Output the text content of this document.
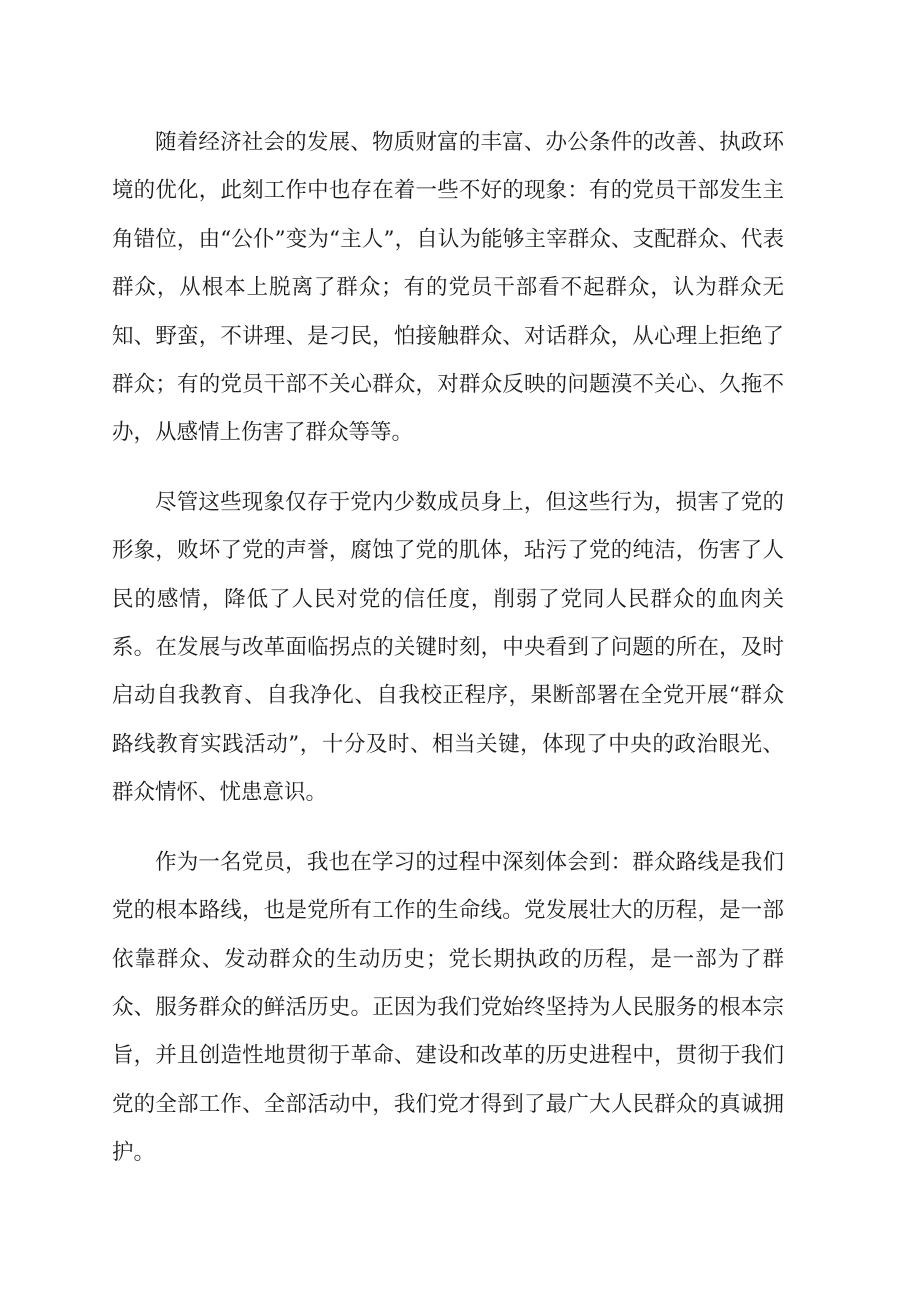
随着经济社会的发展、物质财富的丰富、办公条件的改善、执政环境的优化，此刻工作中也存在着一些不好的现象：有的党员干部发生主角错位，由“公仆”变为“主人”，自认为能够主宰群众、支配群众、代表群众，从根本上脱离了群众；有的党员干部看不起群众，认为群众无知、野蛮，不讲理、是刁民，怕接触群众、对话群众，从心理上拒绝了群众；有的党员干部不关心群众，对群众反映的问题漠不关心、久拖不办，从感情上伤害了群众等等。

尽管这些现象仅存于党内少数成员身上，但这些行为，损害了党的形象，败坏了党的声誉，腐蚀了党的肌体，玷污了党的纯洁，伤害了人民的感情，降低了人民对党的信任度，削弱了党同人民群众的血肉关系。在发展与改革面临拐点的关键时刻，中央看到了问题的所在，及时启动自我教育、自我净化、自我校正程序，果断部署在全党开展“群众路线教育实践活动”，十分及时、相当关键，体现了中央的政治眼光、群众情怀、忧患意识。

作为一名党员，我也在学习的过程中深刻体会到：群众路线是我们党的根本路线，也是党所有工作的生命线。党发展壮大的历程，是一部依靠群众、发动群众的生动历史；党长期执政的历程，是一部为了群众、服务群众的鲜活历史。正因为我们党始终坚持为人民服务的根本宗旨，并且创造性地贯彻于革命、建设和改革的历史进程中，贯彻于我们党的全部工作、全部活动中，我们党才得到了最广大人民群众的真诚拥护。
